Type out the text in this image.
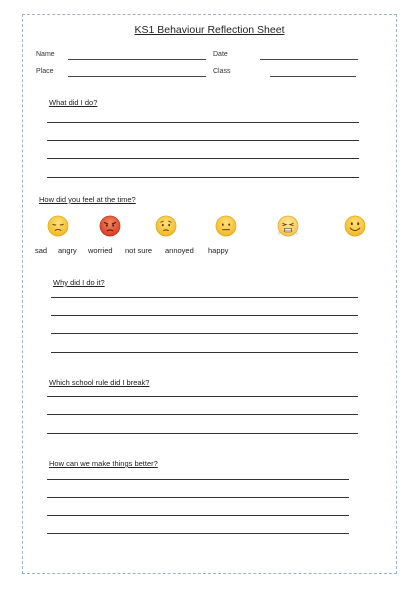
KS1 Behaviour Reflection Sheet
Name	Date
Place	Class
What did I do?
How did you feel at the time?
sad angry worried not sure annoyed happy
Why did I do it?
Which school rule did I break?
How can we make things better?
